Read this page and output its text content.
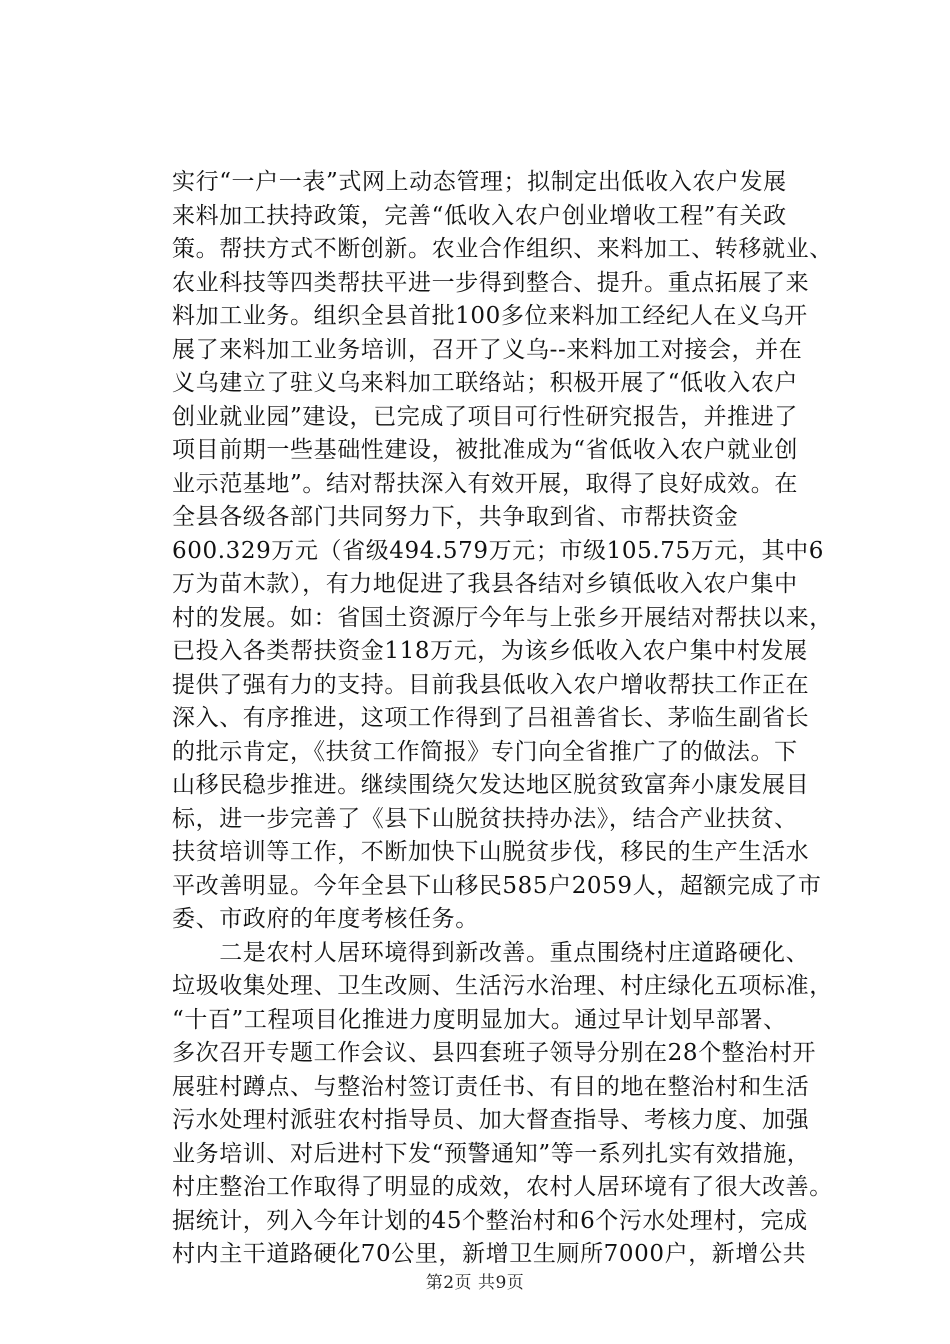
实行“一户一表”式网上动态管理；拟制定出低收入农户发展
来料加工扶持政策，完善“低收入农户创业增收工程”有关政
策。帮扶方式不断创新。农业合作组织、来料加工、转移就业、
农业科技等四类帮扶平进一步得到整合、提升。重点拓展了来
料加工业务。组织全县首批100多位来料加工经纪人在义乌开
展了来料加工业务培训，召开了义乌--来料加工对接会，并在
义乌建立了驻义乌来料加工联络站；积极开展了“低收入农户
创业就业园”建设，已完成了项目可行性研究报告，并推进了
项目前期一些基础性建设，被批准成为“省低收入农户就业创
业示范基地”。结对帮扶深入有效开展，取得了良好成效。在
全县各级各部门共同努力下，共争取到省、市帮扶资金
600.329万元（省级494.579万元；市级105.75万元，其中6
万为苗木款），有力地促进了我县各结对乡镇低收入农户集中
村的发展。如：省国土资源厅今年与上张乡开展结对帮扶以来，
已投入各类帮扶资金118万元，为该乡低收入农户集中村发展
提供了强有力的支持。目前我县低收入农户增收帮扶工作正在
深入、有序推进，这项工作得到了吕祖善省长、茅临生副省长
的批示肯定，《扶贫工作简报》专门向全省推广了的做法。下
山移民稳步推进。继续围绕欠发达地区脱贫致富奔小康发展目
标，进一步完善了《县下山脱贫扶持办法》，结合产业扶贫、
扶贫培训等工作，不断加快下山脱贫步伐，移民的生产生活水
平改善明显。今年全县下山移民585户2059人，超额完成了市
委、市政府的年度考核任务。
　　二是农村人居环境得到新改善。重点围绕村庄道路硬化、
垃圾收集处理、卫生改厕、生活污水治理、村庄绿化五项标准，
“十百”工程项目化推进力度明显加大。通过早计划早部署、
多次召开专题工作会议、县四套班子领导分别在28个整治村开
展驻村蹲点、与整治村签订责任书、有目的地在整治村和生活
污水处理村派驻农村指导员、加大督查指导、考核力度、加强
业务培训、对后进村下发“预警通知”等一系列扎实有效措施，
村庄整治工作取得了明显的成效，农村人居环境有了很大改善。
据统计，列入今年计划的45个整治村和6个污水处理村，完成
村内主干道路硬化70公里，新增卫生厕所7000户，新增公共
第2页 共9页
